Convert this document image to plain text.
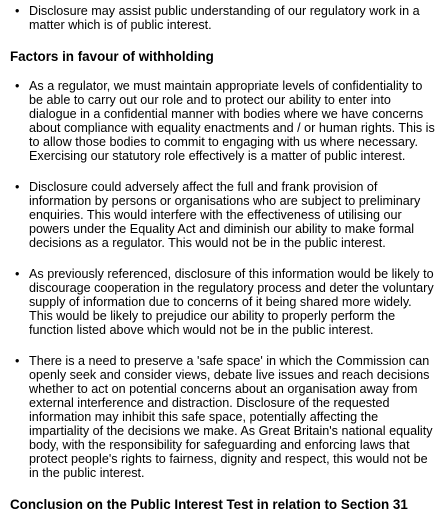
• Disclosure may assist public understanding of our regulatory work in a matter which is of public interest.
Factors in favour of withholding
• As a regulator, we must maintain appropriate levels of confidentiality to be able to carry out our role and to protect our ability to enter into dialogue in a confidential manner with bodies where we have concerns about compliance with equality enactments and / or human rights. This is to allow those bodies to commit to engaging with us where necessary. Exercising our statutory role effectively is a matter of public interest.
• Disclosure could adversely affect the full and frank provision of information by persons or organisations who are subject to preliminary enquiries. This would interfere with the effectiveness of utilising our powers under the Equality Act and diminish our ability to make formal decisions as a regulator. This would not be in the public interest.
• As previously referenced, disclosure of this information would be likely to discourage cooperation in the regulatory process and deter the voluntary supply of information due to concerns of it being shared more widely. This would be likely to prejudice our ability to properly perform the function listed above which would not be in the public interest.
• There is a need to preserve a 'safe space' in which the Commission can openly seek and consider views, debate live issues and reach decisions whether to act on potential concerns about an organisation away from external interference and distraction. Disclosure of the requested information may inhibit this safe space, potentially affecting the impartiality of the decisions we make. As Great Britain's national equality body, with the responsibility for safeguarding and enforcing laws that protect people's rights to fairness, dignity and respect, this would not be in the public interest.
Conclusion on the Public Interest Test in relation to Section 31
